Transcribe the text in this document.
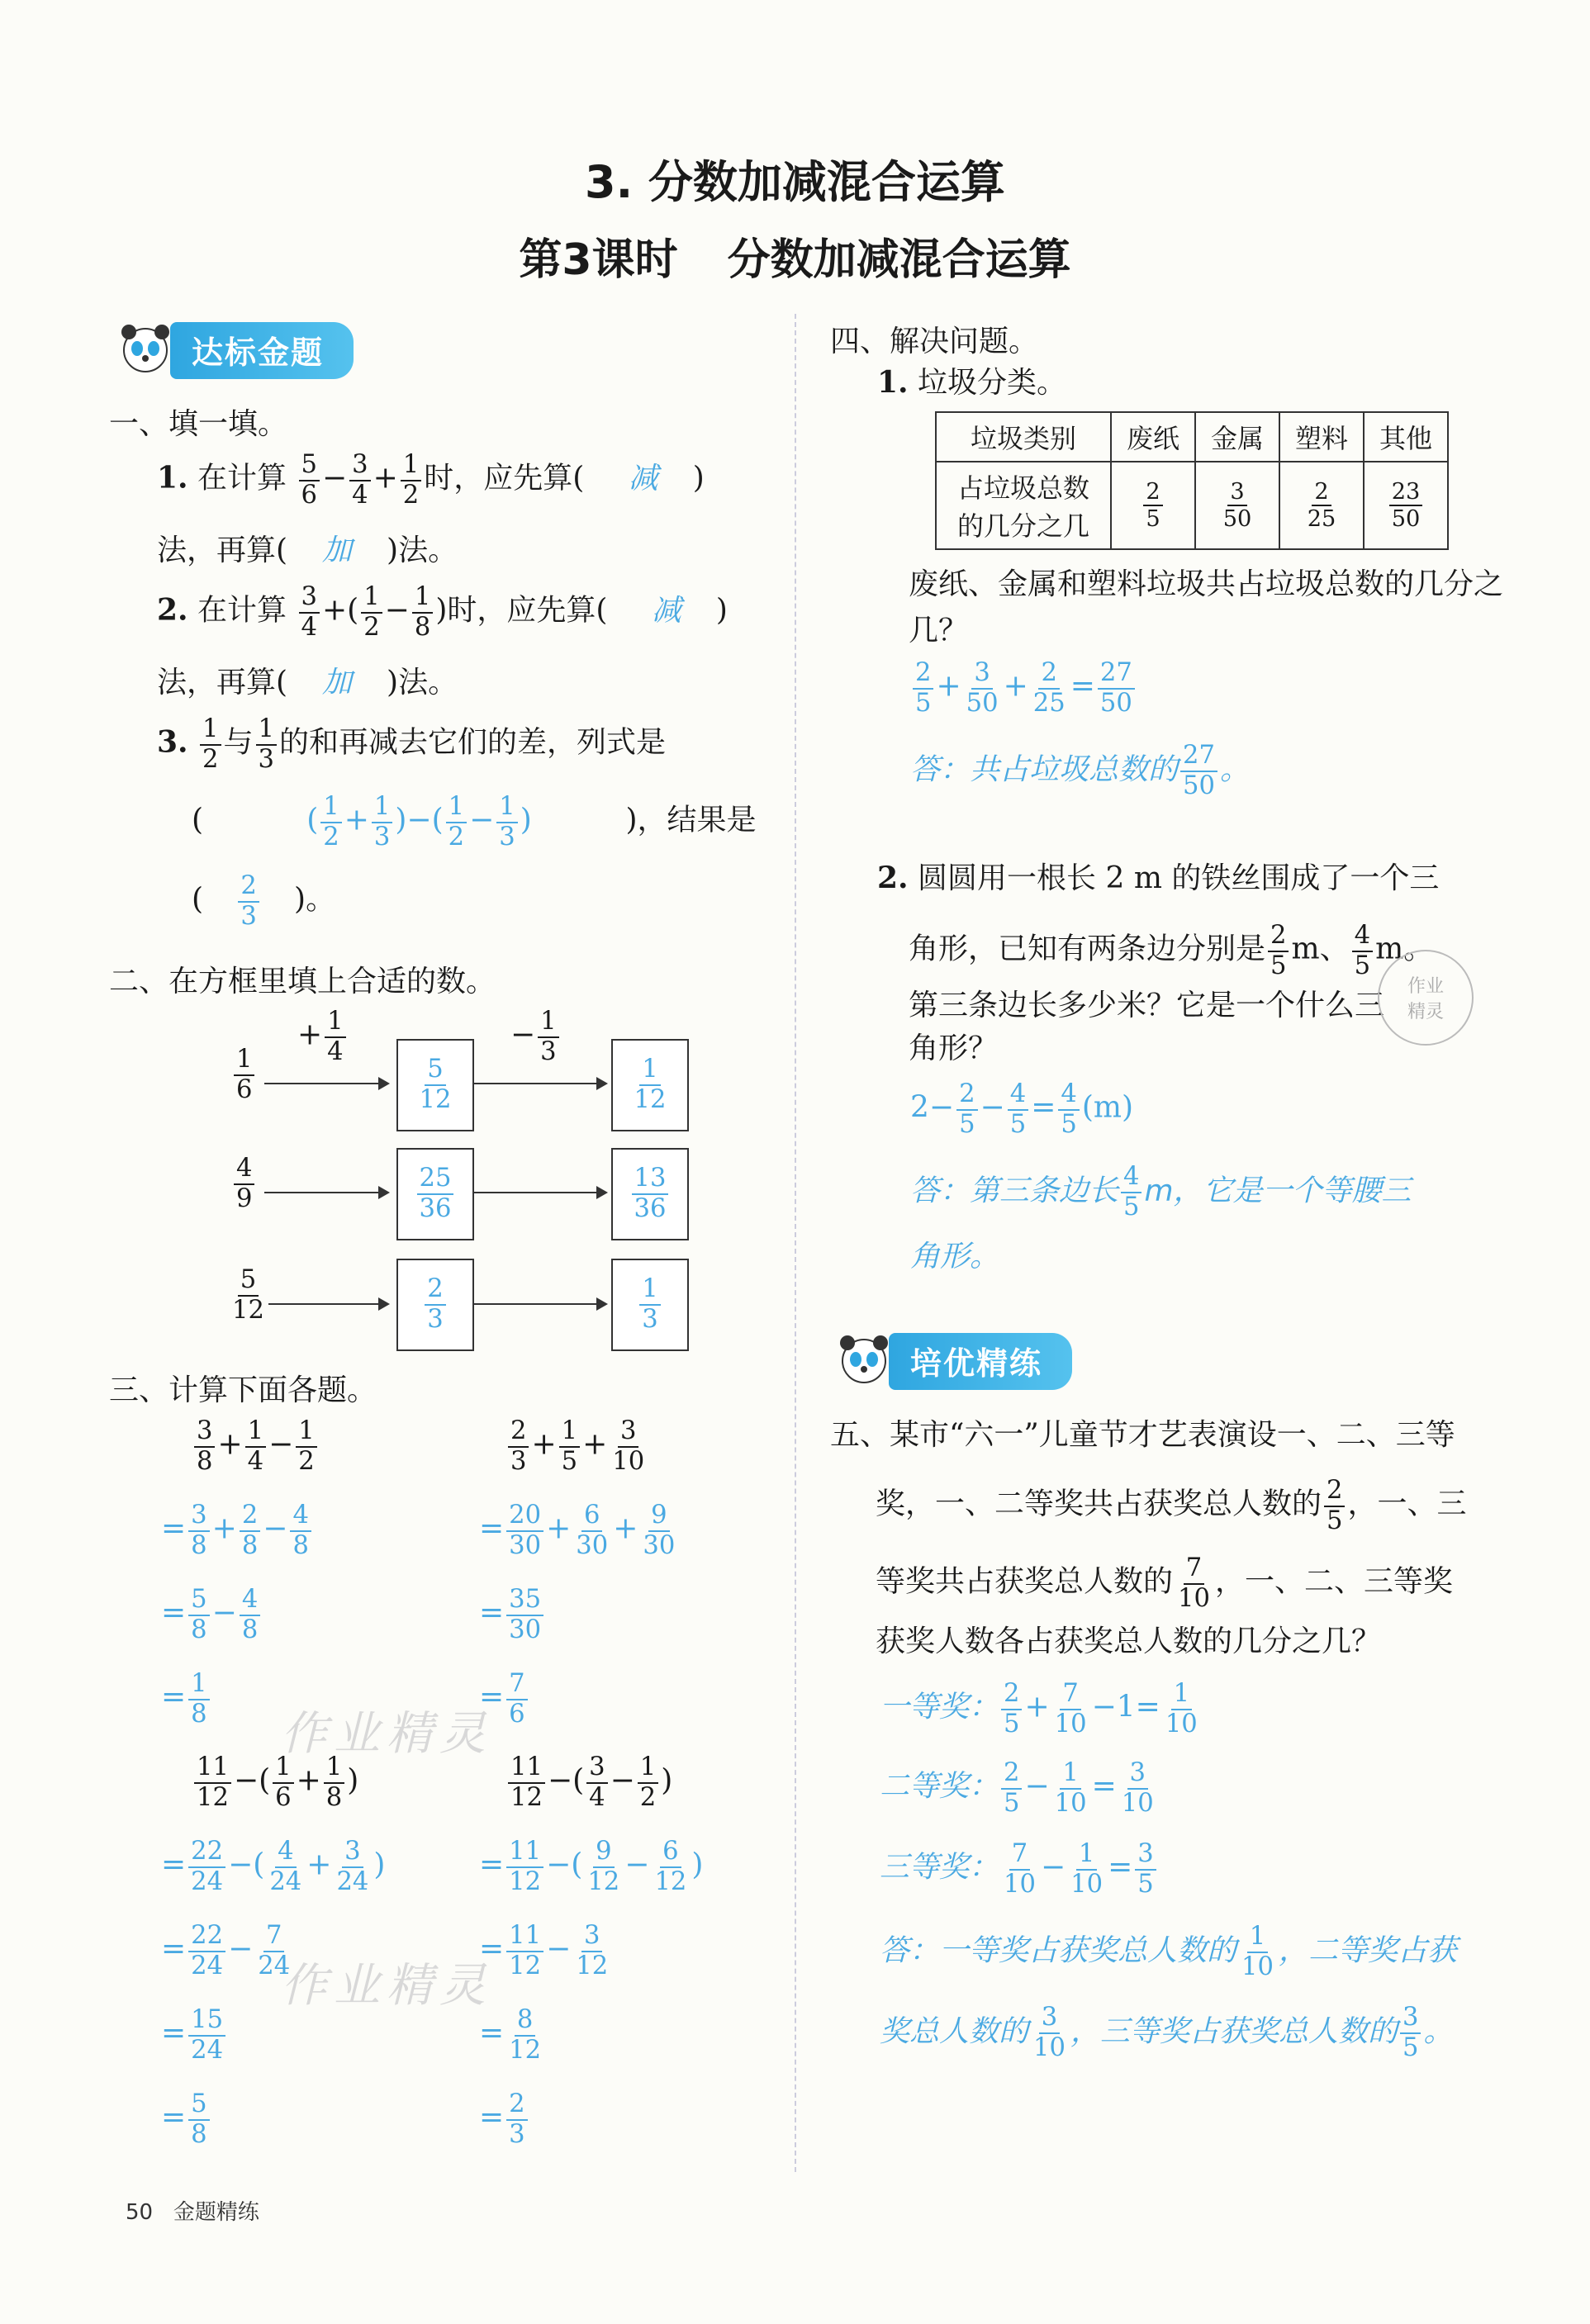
3. 分数加减混合运算
第3课时 分数加减混合运算
达标金题
一、填一填。
1. 在计算 $\frac{5}{6} - \frac{3}{4} + \frac{1}{2}$ 时，应先算( 减 )
法，再算( 加 )法。
2. 在计算 $\frac{3}{4}$ +( $\frac{1}{2} - \frac{1}{8}$ )时，应先算( 减 )
法，再算( 加 )法。
3. $\frac{1}{2}$ 与 $\frac{1}{3}$ 的和再减去它们的差，列式是
(	( $\frac{1}{2} + \frac{1}{3}$ )−( $\frac{1}{2} - \frac{1}{3}$ )	)，结果是
( $\frac{2}{3}$ )。
二、在方框里填上合适的数。
+ $\frac{1}{4}$	− $\frac{1}{3}$
$\frac{1}{6}$	$\frac{5}{12}$	$\frac{1}{12}$
$\frac{4}{9}$	$\frac{25}{36}$	$\frac{13}{36}$
$\frac{5}{12}$	$\frac{2}{3}$	$\frac{1}{3}$
三、计算下面各题。
$\frac{3}{8} + \frac{1}{4} - \frac{1}{2}$
= $\frac{3}{8} + \frac{2}{8} - \frac{4}{8}$
= $\frac{5}{8} - \frac{4}{8}$
= $\frac{1}{8}$
$\frac{2}{3} + \frac{1}{5} + \frac{3}{10}$
= $\frac{20}{30} + \frac{6}{30} + \frac{9}{30}$
= $\frac{35}{30}$
= $\frac{7}{6}$
$\frac{11}{12}$ −( $\frac{1}{6} + \frac{1}{8}$ )
= $\frac{22}{24}$ −( $\frac{4}{24} + \frac{3}{24}$ )
= $\frac{22}{24} - \frac{7}{24}$
= $\frac{15}{24}$
= $\frac{5}{8}$
$\frac{11}{12}$ −( $\frac{3}{4} - \frac{1}{2}$ )
= $\frac{11}{12}$ −( $\frac{9}{12} - \frac{6}{12}$ )
= $\frac{11}{12} - \frac{3}{12}$
= $\frac{8}{12}$
= $\frac{2}{3}$
作业精灵
作业精灵
四、解决问题。
1. 垃圾分类。
垃圾类别	废纸	金属	塑料	其他
占垃圾总数
的几分之几	$\frac{2}{5}$	$\frac{3}{50}$	$\frac{2}{25}$	$\frac{23}{50}$
废纸、金属和塑料垃圾共占垃圾总数的几分之几？
$\frac{2}{5} + \frac{3}{50} + \frac{2}{25} = \frac{27}{50}$
答：共占垃圾总数的 $\frac{27}{50}$ 。
2. 圆圆用一根长 2 m 的铁丝围成了一个三
角形，已知有两条边分别是 $\frac{2}{5}$ m、 $\frac{4}{5}$ m。
第三条边长多少米？它是一个什么三
角形？
作业
精灵
$2- \frac{2}{5} - \frac{4}{5} = \frac{4}{5} (m)$
答：第三条边长 $\frac{4}{5}$ m，它是一个等腰三
角形。
培优精练
五、某市“六一”儿童节才艺表演设一、二、三等
奖，一、二等奖共占获奖总人数的 $\frac{2}{5}$ ，一、三
等奖共占获奖总人数的 $\frac{7}{10}$ ，一、二、三等奖
获奖人数各占获奖总人数的几分之几？
一等奖： $\frac{2}{5} + \frac{7}{10} -1= \frac{1}{10}$
二等奖： $\frac{2}{5} - \frac{1}{10} = \frac{3}{10}$
三等奖： $\frac{7}{10} - \frac{1}{10} = \frac{3}{5}$
答：一等奖占获奖总人数的 $\frac{1}{10}$ ，二等奖占获
奖总人数的 $\frac{3}{10}$ ，三等奖占获奖总人数的 $\frac{3}{5}$ 。
50 金题精练
